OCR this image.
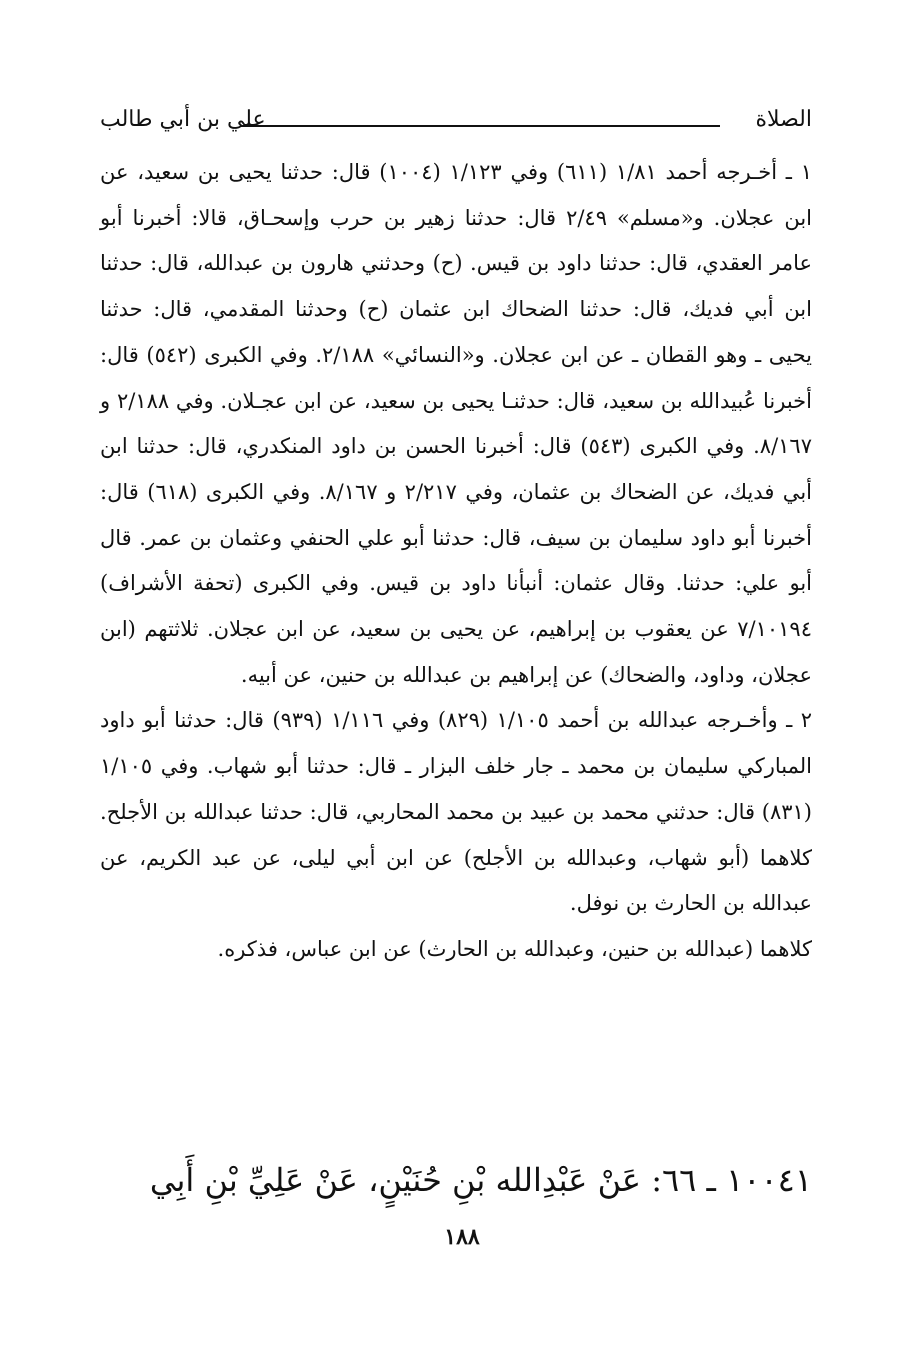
الصلاة
علي بن أبي طالب

١ ـ أخـرجه أحمد ١/٨١ (٦١١) وفي ١/١٢٣ (١٠٠٤) قال: حدثنا يحيى بن سعيد، عن ابن عجلان. و«مسلم» ٢/٤٩ قال: حدثنا زهير بن حرب وإسحـاق، قالا: أخبرنا أبو عامر العقدي، قال: حدثنا داود بن قيس. (ح) وحدثني هارون بن عبدالله، قال: حدثنا ابن أبي فديك، قال: حدثنا الضحاك ابن عثمان (ح) وحدثنا المقدمي، قال: حدثنا يحيى ـ وهو القطان ـ عن ابن عجلان. و«النسائي» ٢/١٨٨. وفي الكبرى (٥٤٢) قال: أخبرنا عُبيدالله بن سعيد، قال: حدثنـا يحيى بن سعيد، عن ابن عجـلان. وفي ٢/١٨٨ و ٨/١٦٧. وفي الكبرى (٥٤٣) قال: أخبرنا الحسن بن داود المنكدري، قال: حدثنا ابن أبي فديك، عن الضحاك بن عثمان، وفي ٢/٢١٧ و ٨/١٦٧. وفي الكبرى (٦١٨) قال: أخبرنا أبو داود سليمان بن سيف، قال: حدثنا أبو علي الحنفي وعثمان بن عمر. قال أبو علي: حدثنا. وقال عثمان: أنبأنا داود بن قيس. وفي الكبرى (تحفة الأشراف) ٧/١٠١٩٤ عن يعقوب بن إبراهيم، عن يحيى بن سعيد، عن ابن عجلان. ثلاثتهم (ابن عجلان، وداود، والضحاك) عن إبراهيم بن عبدالله بن حنين، عن أبيه.

٢ ـ وأخـرجه عبدالله بن أحمد ١/١٠٥ (٨٢٩) وفي ١/١١٦ (٩٣٩) قال: حدثنا أبو داود المباركي سليمان بن محمد ـ جار خلف البزار ـ قال: حدثنا أبو شهاب. وفي ١/١٠٥ (٨٣١) قال: حدثني محمد بن عبيد بن محمد المحاربي، قال: حدثنا عبدالله بن الأجلح. كلاهما (أبو شهاب، وعبدالله بن الأجلح) عن ابن أبي ليلى، عن عبد الكريم، عن عبدالله بن الحارث بن نوفل.

كلاهما (عبدالله بن حنين، وعبدالله بن الحارث) عن ابن عباس، فذكره.

١٠٠٤١ ـ ٦٦: عَنْ عَبْدِالله بْنِ حُنَيْنٍ، عَنْ عَلِيِّ بْنِ أَبِي
١٨٨
